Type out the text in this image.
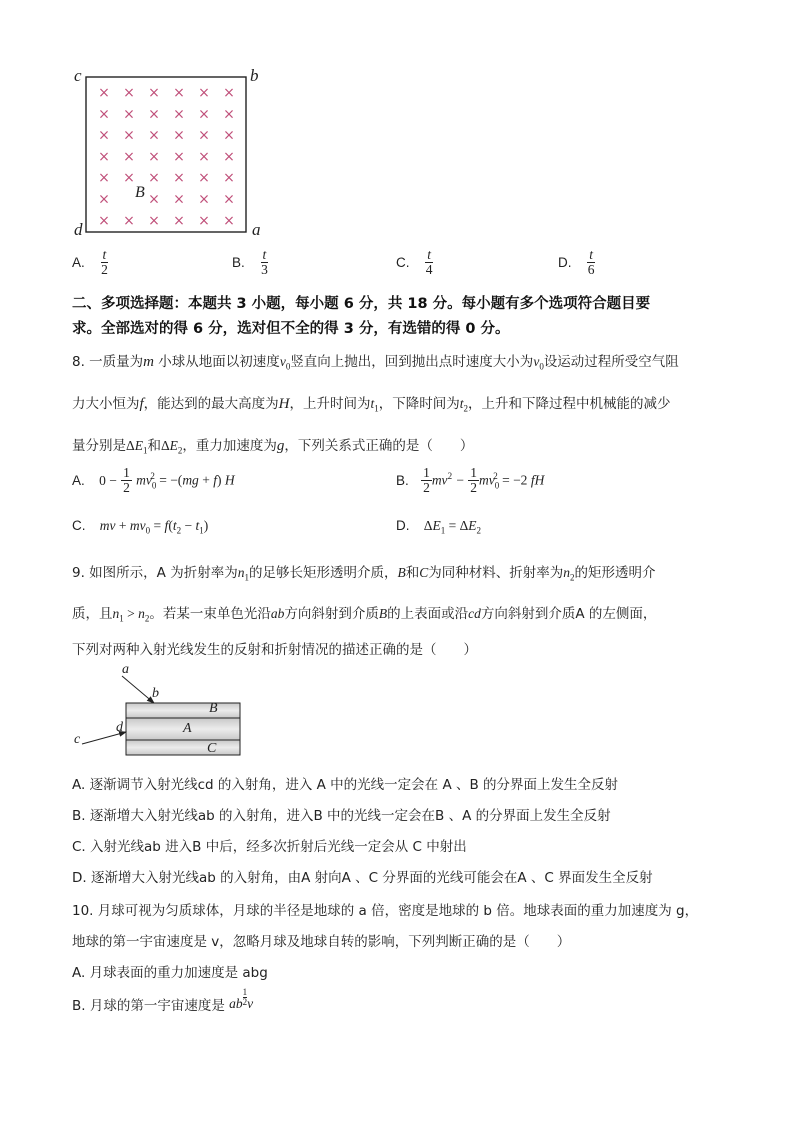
× × × × × ×
× × × × × ×
× × × × × ×
× × × × × ×
× × × × × ×
×	× × × ×
× × × × × ×
c	b
d	a
B
A. $\frac{t}{2}$	B. $\frac{t}{3}$	C. $\frac{t}{4}$	D. $\frac{t}{6}$
二、多项选择题：本题共 3 小题，每小题 6 分，共 18 分。每小题有多个选项符合题目要
求。全部选对的得 6 分，选对但不全的得 3 分，有选错的得 0 分。
8. 一质量为m 小球从地面以初速度$v_0$竖直向上抛出，回到抛出点时速度大小为$v_0$设运动过程所受空气阻
力大小恒为f，能达到的最大高度为H，上升时间为$t_1$，下降时间为$t_2$，上升和下降过程中机械能的减少
量分别是$\Delta E_1$和$\Delta E_2$，重力加速度为g，下列关系式正确的是（　　）
A. $0 - \frac{1}{2} mv_0^2 = -(mg + f)$ H	B. $\frac{1}{2} mv^2 - \frac{1}{2} mv_0^2 = -2$ fH
C. mv + $mv_0 = f(t_2 - t_1)$	D. $\Delta E_1 = \Delta E_2$
9. 如图所示，A 为折射率为$n_1$的足够长矩形透明介质，B和C为同种材料、折射率为$n_2$的矩形透明介
质，且$n_1 > n_2$。若某一束单色光沿ab方向斜射到介质B的上表面或沿cd方向斜射到介质A 的左侧面，
下列对两种入射光线发生的反射和折射情况的描述正确的是（　　）
a
b
c
d
B
A
C
A. 逐渐调节入射光线cd 的入射角，进入 A 中的光线一定会在 A 、B 的分界面上发生全反射
B. 逐渐增大入射光线ab 的入射角，进入B 中的光线一定会在B 、A 的分界面上发生全反射
C. 入射光线ab 进入B 中后，经多次折射后光线一定会从 C 中射出
D. 逐渐增大入射光线ab 的入射角，由A 射向A 、C 分界面的光线可能会在A 、C 界面发生全反射
10. 月球可视为匀质球体，月球的半径是地球的 a 倍，密度是地球的 b 倍。地球表面的重力加速度为 g，
地球的第一宇宙速度是 v，忽略月球及地球自转的影响，下列判断正确的是（　　）
A. 月球表面的重力加速度是 abg
B. 月球的第一宇宙速度是 ab $\frac{1}{2}$ v
